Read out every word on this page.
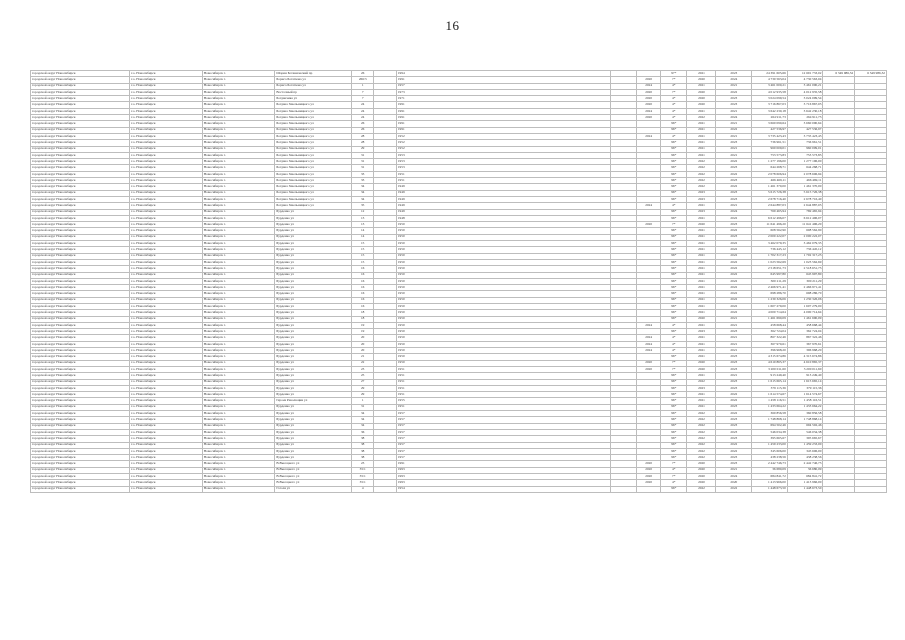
16
городской округ Новосибирск	г.о. Новосибирск	Новосибирск г.	Шорин Ботанический пр	26		1994			97*	2021	2023	24 391 605,66	12 691 733,02	6 349 986,32	6 349 986,32
городской округ Новосибирск	г.о. Новосибирск	Новосибирск г.	Бориса Богаткова ул	266/3		1991		2020	7*	2020	2024	4 730 563,04	4 730 563,04		
городской округ Новосибирск	г.о. Новосибирск	Новосибирск г.	Бориса Богаткова ул	1		1957		2024	4*	2021	2021	3 461 000,21	3 461 000,21		
городской округ Новосибирск	г.о. Новосибирск	Новосибирск г.	Восточный пр	7		1973		2020	7*	2020	2022	4 012 935,58	4 012 935,58		
городской округ Новосибирск	г.о. Новосибирск	Новосибирск г.	Богданчика ул	7		1971		2020	4*	2020	2023	3 024 099,54	3 024 099,54		
городской округ Новосибирск	г.о. Новосибирск	Новосибирск г.	Богдана Хмельницкого ул	24		1991		2020	4*	2020	2023	3 716 867,03	3 716 867,03		
городской округ Новосибирск	г.о. Новосибирск	Новосибирск г.	Богдана Хмельницкого ул	24		1991		2024	4*	2021	2021	3 642 230,18	3 642 230,18		
городской округ Новосибирск	г.о. Новосибирск	Новосибирск г.	Богдана Хмельницкого ул	24		1991		2020	4*	2022	2024	264 911,73	264 911,73		
городской округ Новосибирск	г.о. Новосибирск	Новосибирск г.	Богдана Хмельницкого ул	26		1991			96*	2021	2021	3 660 090,64	3 660 090,64		
городской округ Новосибирск	г.о. Новосибирск	Новосибирск г.	Богдана Хмельницкого ул	26		1991			96*	2021	2022	427 536,97	427 536,97		
городской округ Новосибирск	г.о. Новосибирск	Новосибирск г.	Богдана Хмельницкого ул	28		1952		2024	4*	2021	2021	3 735 423,43	3 735 423,43		
городской округ Новосибирск	г.о. Новосибирск	Новосибирск г.	Богдана Хмельницкого ул	28		1952			96*	2021	2023	736 961,51	736 961,51		
городской округ Новосибирск	г.о. Новосибирск	Новосибирск г.	Богдана Хмельницкого ул	29		1952			96*	2021	2021	960 009,01	960 009,01		
городской округ Новосибирск	г.о. Новосибирск	Новосибирск г.	Богдана Хмельницкого ул	31		1953			96*	2021	2021	753 573,83	753 573,83		
городской округ Новосибирск	г.о. Новосибирск	Новосибирск г.	Богдана Хмельницкого ул	31		1953			96*	2022	2022	1 277 196,00	1 277 196,00		
городской округ Новосибирск	г.о. Новосибирск	Новосибирск г.	Богдана Хмельницкого ул	31		1953			96*	2022	2023	644 268,71	644 268,71		
городской округ Новосибирск	г.о. Новосибирск	Новосибирск г.	Богдана Хмельницкого ул	33		1951			96*	2022	2022	2 078 606,94	2 078 606,94		
городской округ Новосибирск	г.о. Новосибирск	Новосибирск г.	Богдана Хмельницкого ул	33		1951			96*	2022	2023	466 469,11	466 469,11		
городской округ Новосибирск	г.о. Новосибирск	Новосибирск г.	Богдана Хмельницкого ул	34		1949			96*	2022	2022	1 461 370,00	1 461 370,00		
городской округ Новосибирск	г.о. Новосибирск	Новосибирск г.	Богдана Хмельницкого ул	34		1949			96*	2023	2023	5 615 726,38	5 615 726,38		
городской округ Новосибирск	г.о. Новосибирск	Новосибирск г.	Богдана Хмельницкого ул	34		1949			96*	2023	2023	2 678 716,40	2 678 716,40		
городской округ Новосибирск	г.о. Новосибирск	Новосибирск г.	Богдана Хмельницкого ул	35		1949		2024	4*	2021	2021	2 644 887,03	2 644 887,03		
городской округ Новосибирск	г.о. Новосибирск	Новосибирск г.	Бурденко ул	12		1949			96*	2023	2024	769 465,94	769 465,94		
городской округ Новосибирск	г.о. Новосибирск	Новосибирск г.	Бурденко ул	13		1948			96*	2021	2022	6 612 496,07	6 612 496,07		
городской округ Новосибирск	г.о. Новосибирск	Новосибирск г.	Бурденко ул	13		1950		2020	7*	2020	2023	11 641 496,20	11 641 496,20		
городской округ Новосибирск	г.о. Новосибирск	Новосибирск г.	Бурденко ул	14		1950			96*	2021	2022	608 562,90	608 562,90		
городской округ Новосибирск	г.о. Новосибирск	Новосибирск г.	Бурденко ул	14		1950			96*	2021	2023	2 000 222,07	2 000 222,07		
городской округ Новосибирск	г.о. Новосибирск	Новосибирск г.	Бурденко ул	15		1950			96*	2021	2022	3 462 079,35	3 462 079,35		
городской округ Новосибирск	г.о. Новосибирск	Новосибирск г.	Бурденко ул	15		1950			96*	2021	2022	736 445,12	736 445,12		
городской округ Новосибирск	г.о. Новосибирск	Новосибирск г.	Бурденко ул	15		1950			96*	2021	2022	1 702 317,23	1 702 317,23		
городской округ Новосибирск	г.о. Новосибирск	Новосибирск г.	Бурденко ул	15		1950			96*	2021	2022	1 023 562,69	1 023 562,69		
городской округ Новосибирск	г.о. Новосибирск	Новосибирск г.	Бурденко ул	16		1950			96*	2021	2022	2 518 651,73	2 518 651,73		
городской округ Новосибирск	г.о. Новосибирск	Новосибирск г.	Бурденко ул	16		1950			96*	2021	2022	645 997,80	645 997,80		
городской округ Новосибирск	г.о. Новосибирск	Новосибирск г.	Бурденко ул	16		1950			96*	2021	2022	300 211,29	300 211,29		
городской округ Новосибирск	г.о. Новосибирск	Новосибирск г.	Бурденко ул	16		1950			96*	2021	2022	2 466 971,41	2 466 971,41		
городской округ Новосибирск	г.о. Новосибирск	Новосибирск г.	Бурденко ул	16		1950			96*	2021	2022	698 286,70	698 286,70		
городской округ Новосибирск	г.о. Новосибирск	Новосибирск г.	Бурденко ул	16		1950			96*	2021	2022	1 230 326,06	1 230 326,06		
городской округ Новосибирск	г.о. Новосибирск	Новосибирск г.	Бурденко ул	16		1950			96*	2021	2022	1 607 279,00	1 607 279,00		
городской округ Новосибирск	г.о. Новосибирск	Новосибирск г.	Бурденко ул	18		1950			96*	2021	2022	4 000 714,64	4 000 714,64		
городской округ Новосибирск	г.о. Новосибирск	Новосибирск г.	Бурденко ул	18		1950			96*	2020	2021	1 461 690,09	1 461 690,09		
городской округ Новосибирск	г.о. Новосибирск	Новосибирск г.	Бурденко ул	19		1950		2024	4*	2021	2021	458 668,44	458 668,44		
городской округ Новосибирск	г.о. Новосибирск	Новосибирск г.	Бурденко ул	19		1950			96*	2023	2023	362 724,04	362 724,04		
городской округ Новосибирск	г.о. Новосибирск	Новосибирск г.	Бурденко ул	20		1950		2024	4*	2021	2021	867 322,46	867 322,46		
городской округ Новосибирск	г.о. Новосибирск	Новосибирск г.	Бурденко ул	20		1950		2024	4*	2021	2021	367 970,61	367 970,61		
городской округ Новосибирск	г.о. Новосибирск	Новосибирск г.	Бурденко ул	20		1950		2024	4*	2021	2021	396 968,20	396 968,20		
городской округ Новосибирск	г.о. Новосибирск	Новосибирск г.	Бурденко ул	21		1950			96*	2021	2023	4 315 674,86	4 315 674,86		
городской округ Новосибирск	г.о. Новосибирск	Новосибирск г.	Бурденко ул	22		1950		2020	7*	2020	2023	4 610 865,37	4 610 865,37		
городской округ Новосибирск	г.о. Новосибирск	Новосибирск г.	Бурденко ул	23		1951		2020	7*	2020	2023	3 200 011,60	3 200 011,60		
городской округ Новосибирск	г.о. Новосибирск	Новосибирск г.	Бурденко ул	25		1951			96*	2021	2021	913 249,40	913 249,40		
городской округ Новосибирск	г.о. Новосибирск	Новосибирск г.	Бурденко ул	27		1951			96*	2022	2023	1 615 665,14	1 615 665,14		
городской округ Новосибирск	г.о. Новосибирск	Новосибирск г.	Бурденко ул	29		1951			96*	2023	2023	379 115,36	379 115,36		
городской округ Новосибирск	г.о. Новосибирск	Новосибирск г.	Бурденко ул	29		1951			96*	2021	2022	1 614 574,67	1 614 574,67		
городской округ Новосибирск	г.о. Новосибирск	Новосибирск г.	Героев Революции ул	1		1955			96*	2021	2022	1 458 116,51	1 458 116,51		
городской округ Новосибирск	г.о. Новосибирск	Новосибирск г.	Бурденко ул	31		1951			96*	2021	2023	1 433 664,22	1 433 664,22		
городской округ Новосибирск	г.о. Новосибирск	Новосибирск г.	Бурденко ул	34		1957			96*	2022	2022	360 856,58	360 856,58		
городской округ Новосибирск	г.о. Новосибирск	Новосибирск г.	Бурденко ул	34		1957			96*	2022	2023	1 748 868,14	1 748 868,14		
городской округ Новосибирск	г.о. Новосибирск	Новосибирск г.	Бурденко ул	34		1957			96*	2022	2023	694 502,46	694 502,46		
городской округ Новосибирск	г.о. Новосибирск	Новосибирск г.	Бурденко ул	36		1957			96*	2022	2023	546 034,38	546 034,38		
городской округ Новосибирск	г.о. Новосибирск	Новосибирск г.	Бурденко ул	38		1957			96*	2022	2023	395 665,67	395 665,67		
городской округ Новосибирск	г.о. Новосибирск	Новосибирск г.	Бурденко ул	38		1957			96*	2022	2022	1 459 233,00	1 459 233,00		
городской округ Новосибирск	г.о. Новосибирск	Новосибирск г.	Бурденко ул	38		1957			96*	2022	2022	345 606,00	345 606,00		
городской округ Новосибирск	г.о. Новосибирск	Новосибирск г.	Бурденко ул	38		1957			96*	2022	2023	438 238,56	438 238,56		
городской округ Новосибирск	г.о. Новосибирск	Новосибирск г.	В.Высоцкого ул	23		1991		2020	7*	2020	2023	2 442 746,73	2 442 746,73		
городской округ Новосибирск	г.о. Новосибирск	Новосибирск г.	В.Высоцкого ул	35/1		1993		2020	4*	2020	2021	36 680,09	36 680,09		
городской округ Новосибирск	г.о. Новосибирск	Новосибирск г.	В.Высоцкого ул	35/1		1993		2020	7*	2020	2024	684 841,72	684 841,72		
городской округ Новосибирск	г.о. Новосибирск	Новосибирск г.	В.Высоцкого ул	35/1		1993		2020	4*	2020	2020	1 413 966,00	1 413 966,00		
городской округ Новосибирск	г.о. Новосибирск	Новосибирск г.	Гоголя ул	4		1954			96*	2022	2022	1 448 673,50	1 448 673,50		
